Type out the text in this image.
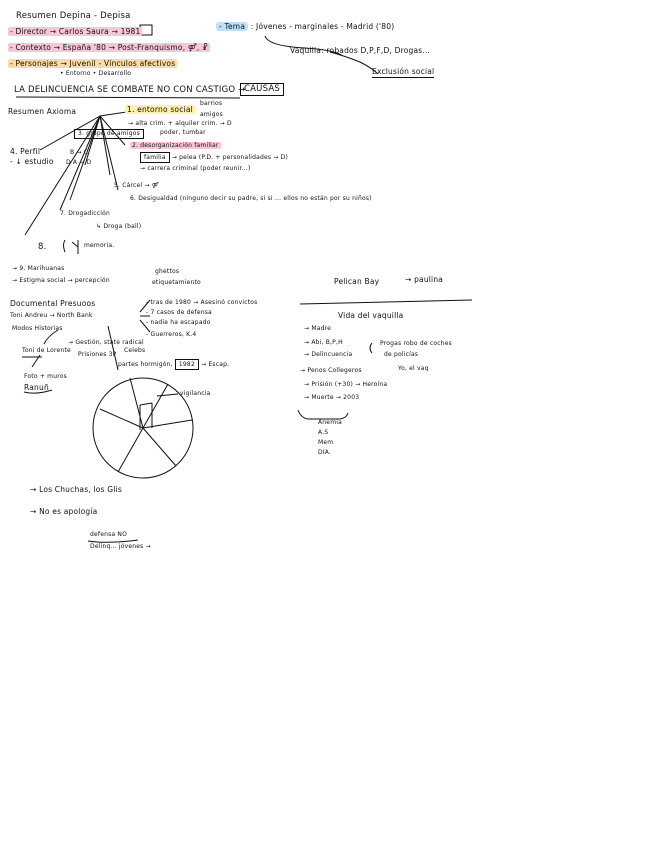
Resumen Depina - Depisa
- Director → Carlos Saura → 1981
- Contexto → España '80 → Post-Franquismo, ⚤, ☧
- Personajes → Juvenil - Vínculos afectivos
• Entorno • Desarrollo
- Tema : Jóvenes - marginales - Madrid ('80)
Vaquilla: robados D,P,F,D, Drogas...
Exclusión social
LA DELINCUENCIA SE COMBATE NO CON CASTIGO →
CAUSAS
Resumen Axioma	1. entorno social
barrios
amigos
→ alta crim. + alquiler crim. → D
poder, tumbar
3. grupo de amigos
4. Perfil
- ↓ estudio
B → C
D A → D
2. desorganización familiar
familia → pelea (P.D. + personalidades → D)
→ carrera criminal (poder reunir...)
5. Cárcel → ⚤
6. Desigualdad (ninguno decir su padre, si si ... ellos no están por su niños)
7. Drogadicción
↳ Droga (ball)
8.	memoria.
→ 9. Marihuanas
→ Estigma social → percepción
ghettos
etiquetamiento
Documental Presuoos
Toni Andreu → North Bank
Modos Historias
- tras de 1980 → Asesinó convictos
- 7 casos de defensa
- nadie ha escapado
- Guerreros, K.4
→ Gestión, state radical
Celebs
Toni de Lorente
Prisiones 3P
partes hormigón, 1982 → Escap.
Foto + muros
Ranuñ
vigilancia
Pelican Bay	→ paulina
Vida del vaquilla
→ Madre
→ Abi, B,P,H
→ Delincuencia
Progas robo de coches
de policías
→ Penos Collegeros	Yo, el vaq
→ Prisión (+30) → Heroína
→ Muerte → 2003
Anemia
A.S
Mem
DIA.
→ Los Chuchas, los Glis
→ No es apología
defensa NO
Delinq... jóvenes →
